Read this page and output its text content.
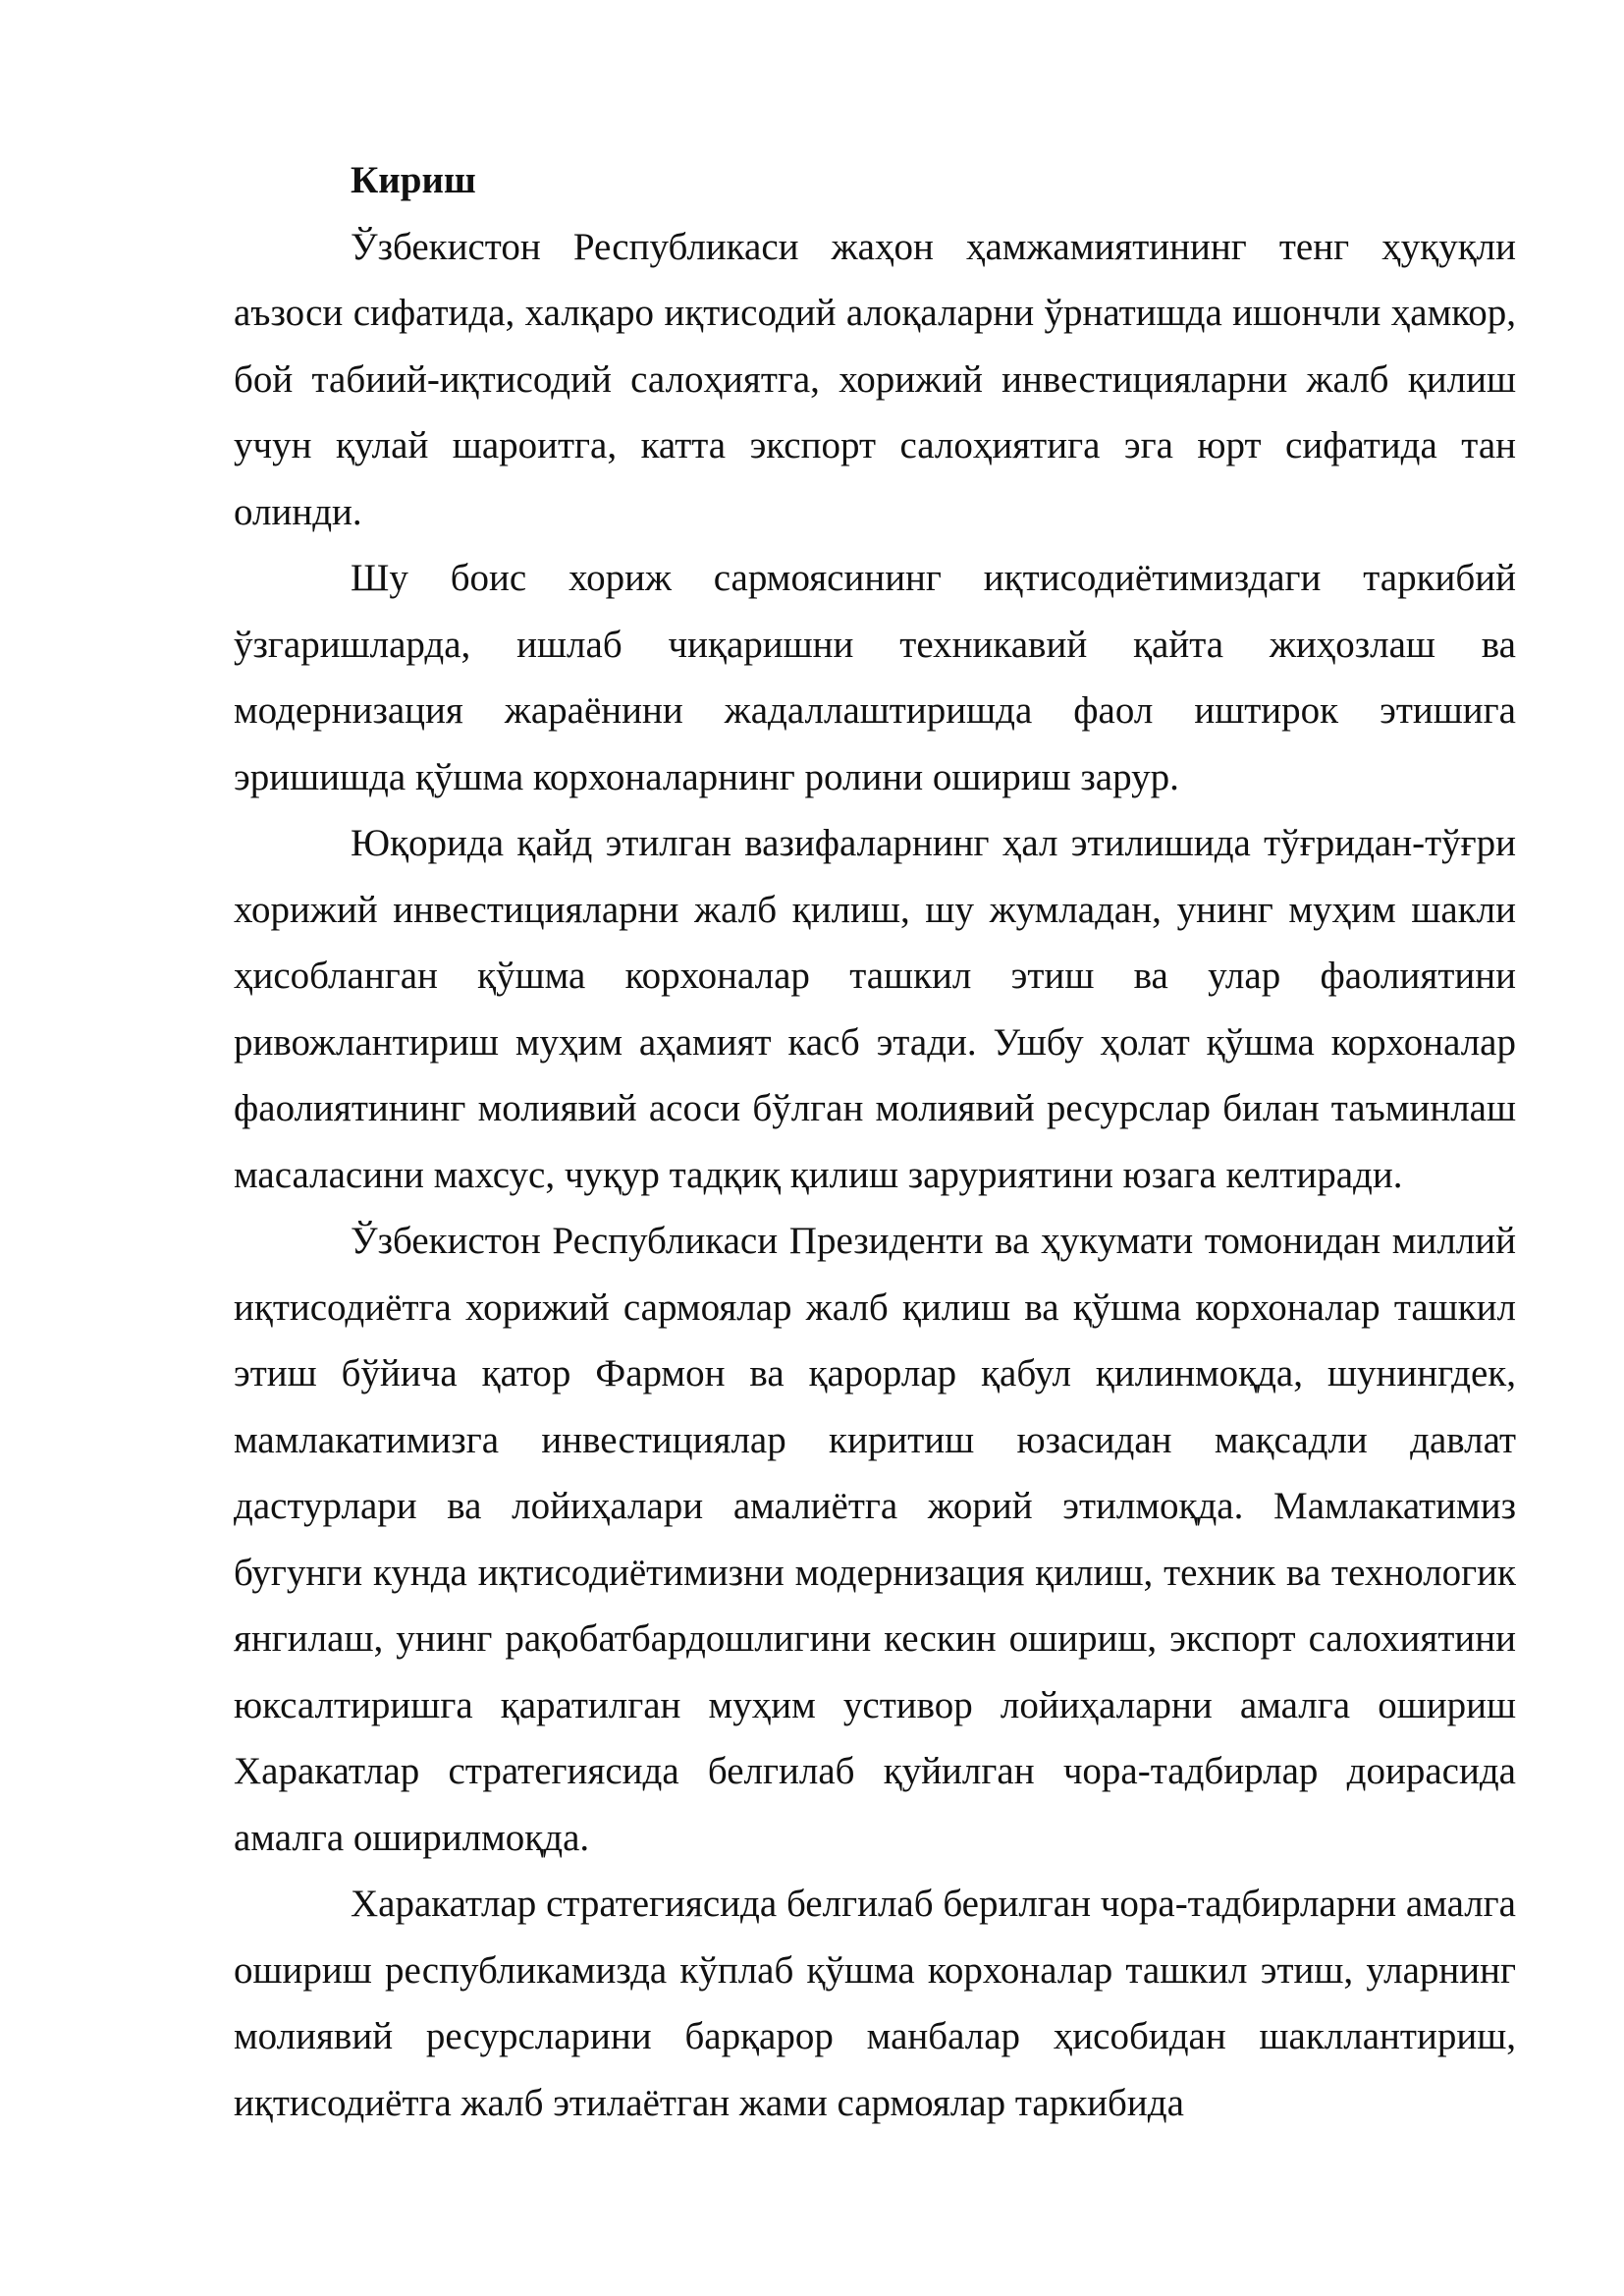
Кириш

Ўзбекистон Республикаси жаҳон ҳамжамиятининг тенг ҳуқуқли аъзоси сифатида, халқаро иқтисодий алоқаларни ўрнатишда ишончли ҳамкор, бой табиий-иқтисодий салоҳиятга, хорижий инвестицияларни жалб қилиш учун қулай шароитга, катта экспорт салоҳиятига эга юрт сифатида тан олинди.

Шу боис хориж сармоясининг иқтисодиётимиздаги таркибий ўзгаришларда, ишлаб чиқаришни техникавий қайта жиҳозлаш ва модернизация жараёнини жадаллаштиришда фаол иштирок этишига эришишда қўшма корхоналарнинг ролини ошириш зарур.

Юқорида қайд этилган вазифаларнинг ҳал этилишида тўғридан-тўғри хорижий инвестицияларни жалб қилиш, шу жумладан, унинг муҳим шакли ҳисобланган қўшма корхоналар ташкил этиш ва улар фаолиятини ривожлантириш муҳим аҳамият касб этади. Ушбу ҳолат қўшма корхоналар фаолиятининг молиявий асоси бўлган молиявий ресурслар билан таъминлаш масаласини махсус, чуқур тадқиқ қилиш заруриятини юзага келтиради.

Ўзбекистон Республикаси Президенти ва ҳукумати томонидан миллий иқтисодиётга хорижий сармоялар жалб қилиш ва қўшма корхоналар ташкил этиш бўйича қатор Фармон ва қарорлар қабул қилинмоқда, шунингдек, мамлакатимизга инвестициялар киритиш юзасидан мақсадли давлат дастурлари ва лойиҳалари амалиётга жорий этилмоқда. Мамлакатимиз бугунги кунда иқтисодиётимизни модернизация қилиш, техник ва технологик янгилаш, унинг рақобатбардошлигини кескин ошириш, экспорт салохиятини юксалтиришга қаратилган муҳим устивор лойиҳаларни амалга ошириш Харакатлар стратегиясида белгилаб қуйилган чора-тадбирлар доирасида амалга оширилмоқда.

Харакатлар стратегиясида белгилаб берилган чора-тадбирларни амалга ошириш республикамизда кўплаб қўшма корхоналар ташкил этиш, уларнинг молиявий ресурсларини барқарор манбалар ҳисобидан шакллантириш, иқтисодиётга жалб этилаётган жами сармоялар таркибида
